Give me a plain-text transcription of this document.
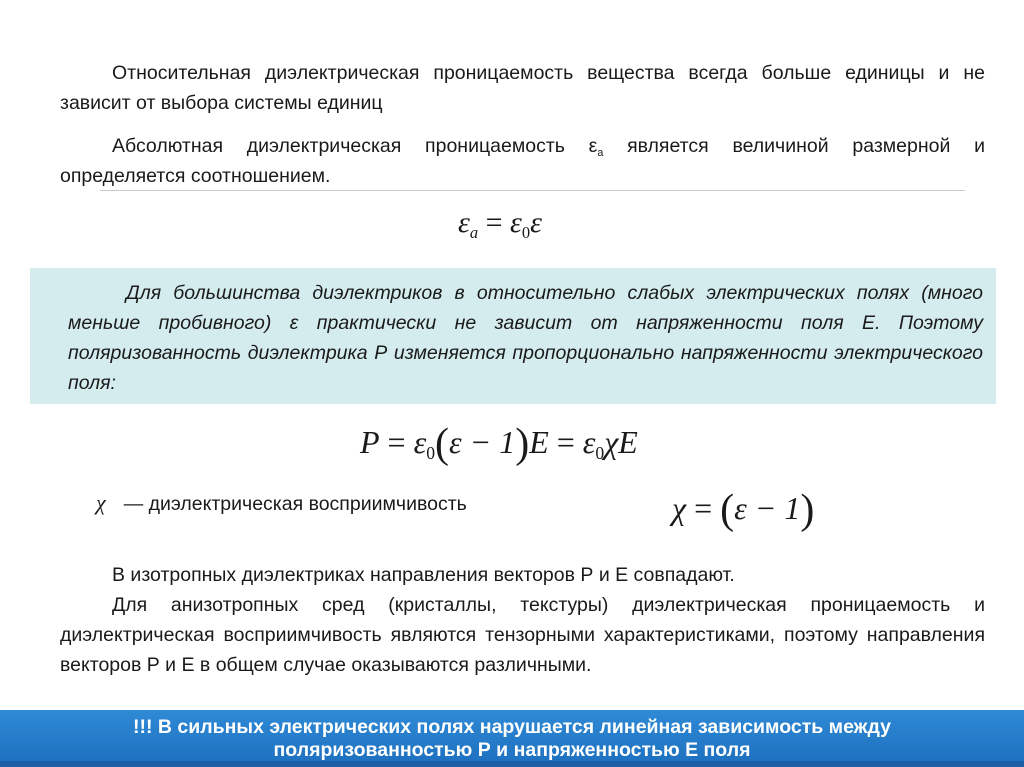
Относительная диэлектрическая проницаемость вещества всегда больше единицы и не зависит от выбора системы единиц

Абсолютная диэлектрическая проницаемость $\varepsilon_а$ является величиной размерной и определяется соотношением.

$\varepsilon_a = \varepsilon_0\varepsilon$

Для большинства диэлектриков в относительно слабых электрических полях (много меньше пробивного) ε практически не зависит от напряженности поля Е. Поэтому поляризованность диэлектрика Р изменяется пропорционально напряженности электрического поля:

$P = \varepsilon_0(\varepsilon - 1)E = \varepsilon_0\chi E$
χ — диэлектрическая восприимчивость	χ = (ε − 1)

В изотропных диэлектриках направления векторов Р и Е совпадают.

Для анизотропных сред (кристаллы, текстуры) диэлектрическая проницаемость и диэлектрическая восприимчивость являются тензорными характеристиками, поэтому направления векторов Р и Е в общем случае оказываются различными.

!!! В сильных электрических полях нарушается линейная зависимость между
поляризованностью Р и напряженностью Е поля
